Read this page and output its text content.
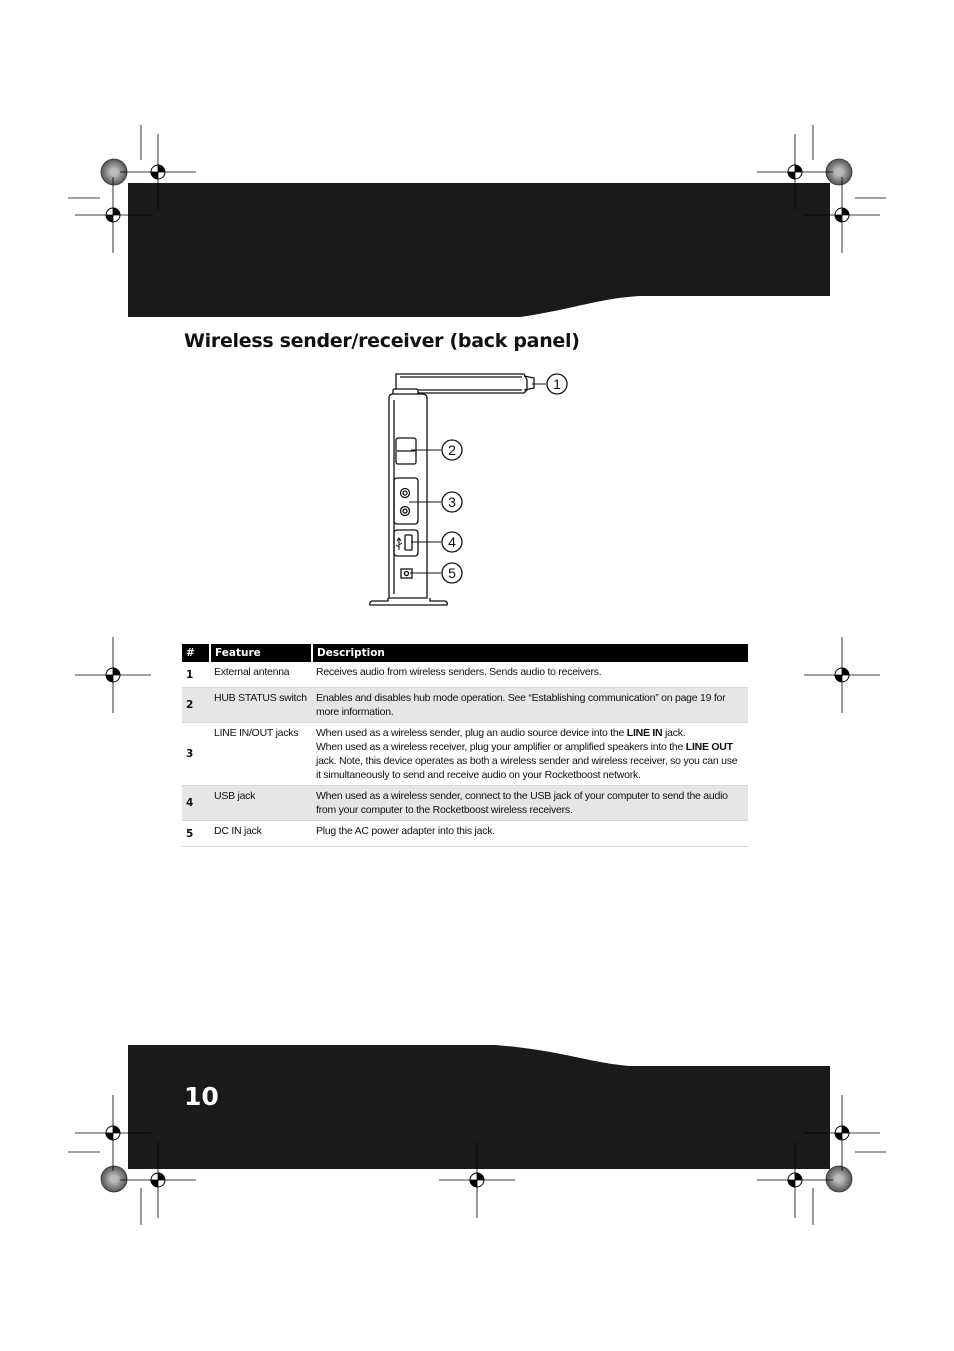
Wireless sender/receiver (back panel)
1
2
3
4
5
#	Feature	Description
1	External antenna	Receives audio from wireless senders. Sends audio to receivers.
2	HUB STATUS switch	Enables and disables hub mode operation. See “Establishing communication” on page 19 for more information.
3	LINE IN/OUT jacks	When used as a wireless sender, plug an audio source device into the LINE IN jack.
When used as a wireless receiver, plug your amplifier or amplified speakers into the LINE OUT jack. Note, this device operates as both a wireless sender and wireless receiver, so you can use it simultaneously to send and receive audio on your Rocketboost network.

4	USB jack	When used as a wireless sender, connect to the USB jack of your computer to send the audio from your computer to the Rocketboost wireless receivers.
5	DC IN jack	Plug the AC power adapter into this jack.

10
